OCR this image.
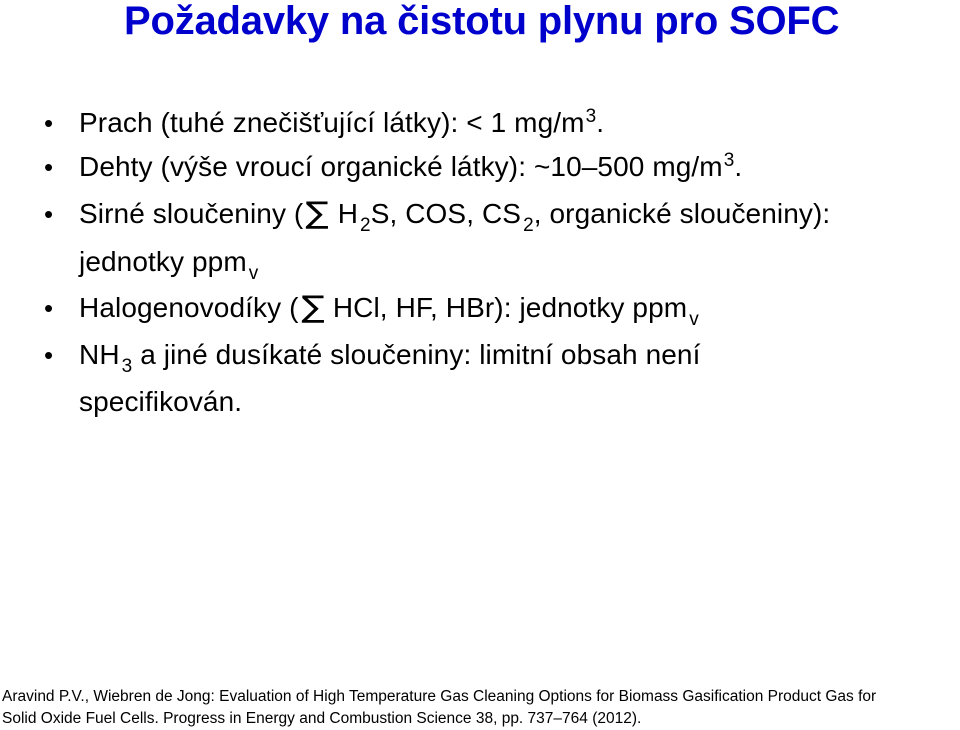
Požadavky na čistotu plynu pro SOFC
• Prach (tuhé znečišťující látky): < 1 $mg/m^3$.
• Dehty (výše vroucí organické látky): ~10–500 $mg/m^3$.
• Sirné sloučeniny (∑ H $_2$S, COS, CS $_2$, organické sloučeniny):
jednotky ppm $_v$
• Halogenovodíky (∑ HCl, HF, HBr): jednotky ppm $_v$
• NH $_3$ a jiné dusíkaté sloučeniny: limitní obsah není
specifikován.
Aravind P.V., Wiebren de Jong: Evaluation of High Temperature Gas Cleaning Options for Biomass Gasification Product Gas for
Solid Oxide Fuel Cells. Progress in Energy and Combustion Science 38, pp. 737–764 (2012).
